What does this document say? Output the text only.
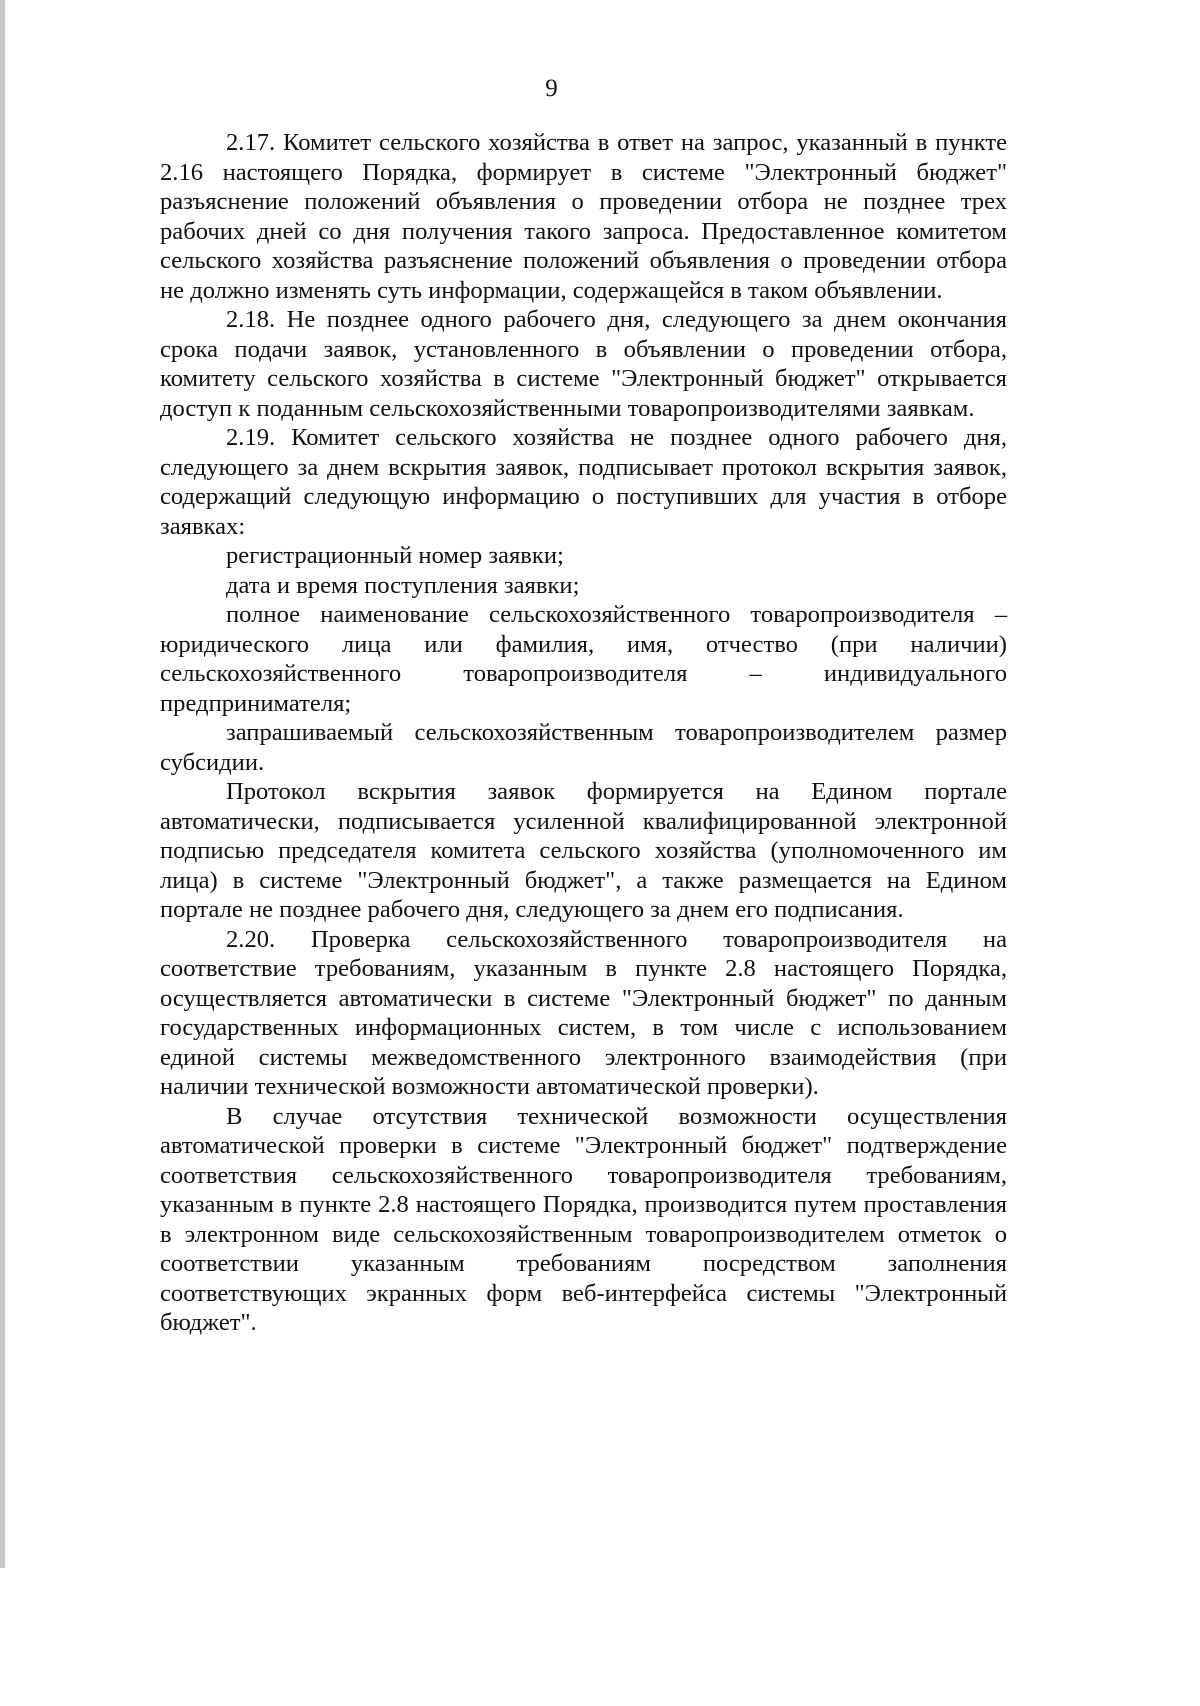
9

2.17. Комитет сельского хозяйства в ответ на запрос, указанный в пункте 2.16 настоящего Порядка, формирует в системе "Электронный бюджет" разъяснение положений объявления о проведении отбора не позднее трех рабочих дней со дня получения такого запроса. Предоставленное комитетом сельского хозяйства разъяснение положений объявления о проведении отбора не должно изменять суть информации, содержащейся в таком объявлении.

2.18. Не позднее одного рабочего дня, следующего за днем окончания срока подачи заявок, установленного в объявлении о проведении отбора, комитету сельского хозяйства в системе "Электронный бюджет" открывается доступ к поданным сельскохозяйственными товаропроизводителями заявкам.

2.19. Комитет сельского хозяйства не позднее одного рабочего дня, следующего за днем вскрытия заявок, подписывает протокол вскрытия заявок, содержащий следующую информацию о поступивших для участия в отборе заявках:

регистрационный номер заявки;

дата и время поступления заявки;

полное наименование сельскохозяйственного товаропроизводителя – юридического лица или фамилия, имя, отчество (при наличии) сельскохозяйственного товаропроизводителя – индивидуального предпринимателя;

запрашиваемый сельскохозяйственным товаропроизводителем размер субсидии.

Протокол вскрытия заявок формируется на Едином портале автоматически, подписывается усиленной квалифицированной электронной подписью председателя комитета сельского хозяйства (уполномоченного им лица) в системе "Электронный бюджет", а также размещается на Едином портале не позднее рабочего дня, следующего за днем его подписания.

2.20. Проверка сельскохозяйственного товаропроизводителя на соответствие требованиям, указанным в пункте 2.8 настоящего Порядка, осуществляется автоматически в системе "Электронный бюджет" по данным государственных информационных систем, в том числе с использованием единой системы межведомственного электронного взаимодействия (при наличии технической возможности автоматической проверки).

В случае отсутствия технической возможности осуществления автоматической проверки в системе "Электронный бюджет" подтверждение соответствия сельскохозяйственного товаропроизводителя требованиям, указанным в пункте 2.8 настоящего Порядка, производится путем проставления в электронном виде сельскохозяйственным товаропроизводителем отметок о соответствии указанным требованиям посредством заполнения соответствующих экранных форм веб-интерфейса системы "Электронный бюджет".
